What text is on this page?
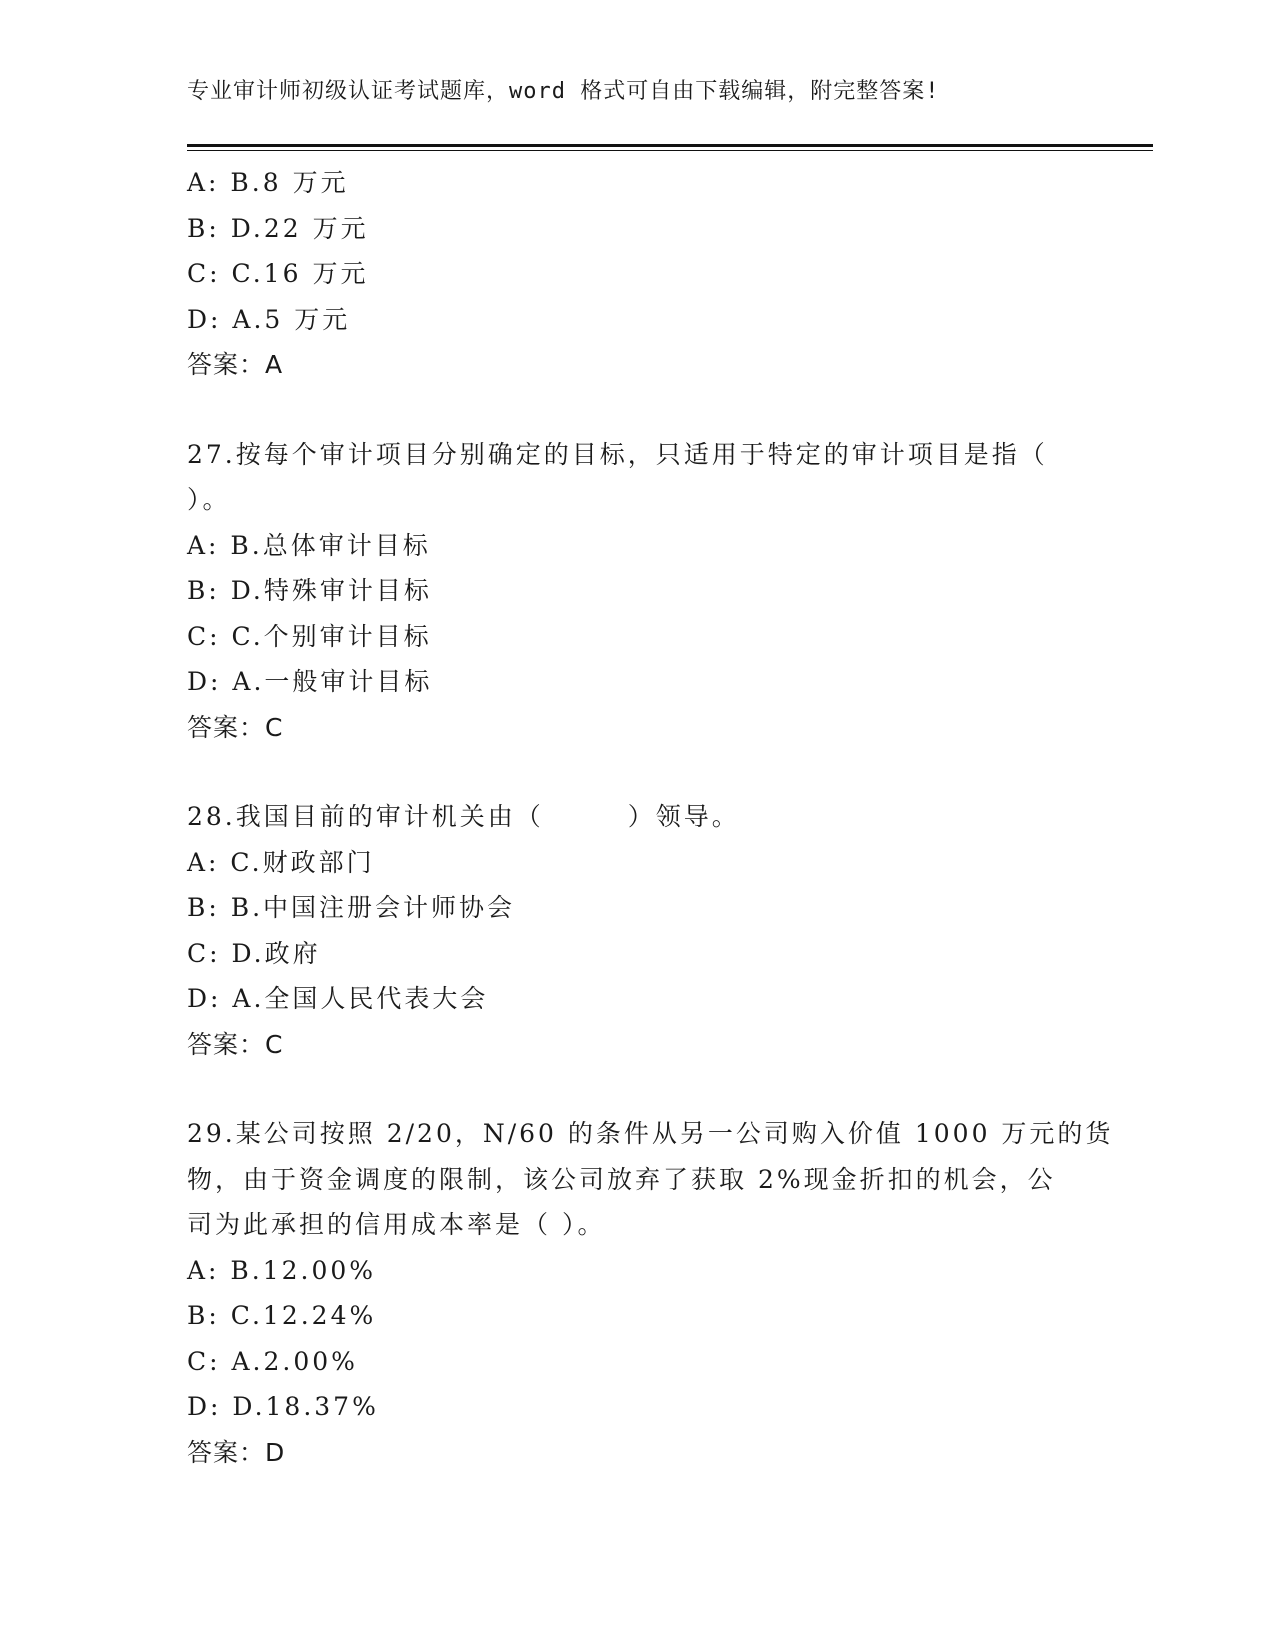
专业审计师初级认证考试题库，word 格式可自由下载编辑，附完整答案!
A: B.8 万元
B: D.22 万元
C: C.16 万元
D: A.5 万元
答案：A
27.按每个审计项目分别确定的目标，只适用于特定的审计项目是指（
）。
A: B.总体审计目标
B: D.特殊审计目标
C: C.个别审计目标
D: A.一般审计目标
答案：C
28.我国目前的审计机关由（　　　）领导。
A: C.财政部门
B: B.中国注册会计师协会
C: D.政府
D: A.全国人民代表大会
答案：C
29.某公司按照 2/20，N/60 的条件从另一公司购入价值 1000 万元的货
物，由于资金调度的限制，该公司放弃了获取 2%现金折扣的机会，公
司为此承担的信用成本率是（ ）。
A: B.12.00%
B: C.12.24%
C: A.2.00%
D: D.18.37%
答案：D
